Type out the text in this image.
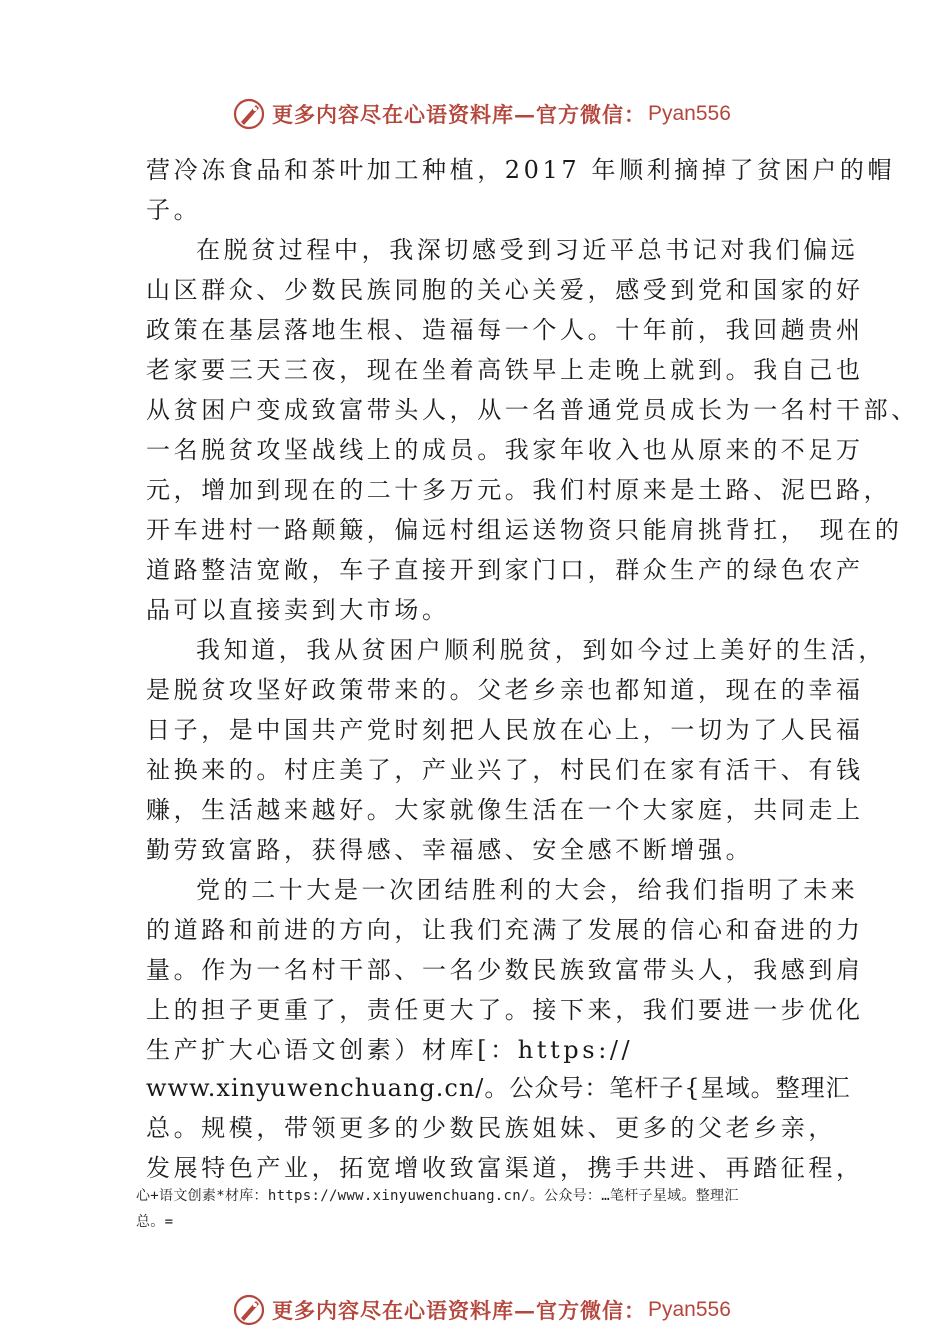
更多内容尽在心语资料库—官方微信： Pyan556
营冷冻食品和茶叶加工种植，2017 年顺利摘掉了贫困户的帽
子。
在脱贫过程中，我深切感受到习近平总书记对我们偏远
山区群众、少数民族同胞的关心关爱，感受到党和国家的好
政策在基层落地生根、造福每一个人。十年前，我回趟贵州
老家要三天三夜，现在坐着高铁早上走晚上就到。我自己也
从贫困户变成致富带头人，从一名普通党员成长为一名村干部、
一名脱贫攻坚战线上的成员。我家年收入也从原来的不足万
元，增加到现在的二十多万元。我们村原来是土路、泥巴路，
开车进村一路颠簸，偏远村组运送物资只能肩挑背扛， 现在的
道路整洁宽敞，车子直接开到家门口，群众生产的绿色农产
品可以直接卖到大市场。
我知道，我从贫困户顺利脱贫，到如今过上美好的生活，
是脱贫攻坚好政策带来的。父老乡亲也都知道，现在的幸福
日子，是中国共产党时刻把人民放在心上，一切为了人民福
祉换来的。村庄美了，产业兴了，村民们在家有活干、有钱
赚，生活越来越好。大家就像生活在一个大家庭，共同走上
勤劳致富路，获得感、幸福感、安全感不断增强。
党的二十大是一次团结胜利的大会，给我们指明了未来
的道路和前进的方向，让我们充满了发展的信心和奋进的力
量。作为一名村干部、一名少数民族致富带头人，我感到肩
上的担子更重了，责任更大了。接下来，我们要进一步优化
生产扩大心语文创素）材库[：https://
www.xinyuwenchuang.cn/。公众号：笔杆子{星域。整理汇
总。规模，带领更多的少数民族姐妹、更多的父老乡亲，
发展特色产业，拓宽增收致富渠道，携手共进、再踏征程，
心+语文创素*材库：https://www.xinyuwenchuang.cn/。公众号：…笔杆子星域。整理汇
总。=
更多内容尽在心语资料库—官方微信： Pyan556
